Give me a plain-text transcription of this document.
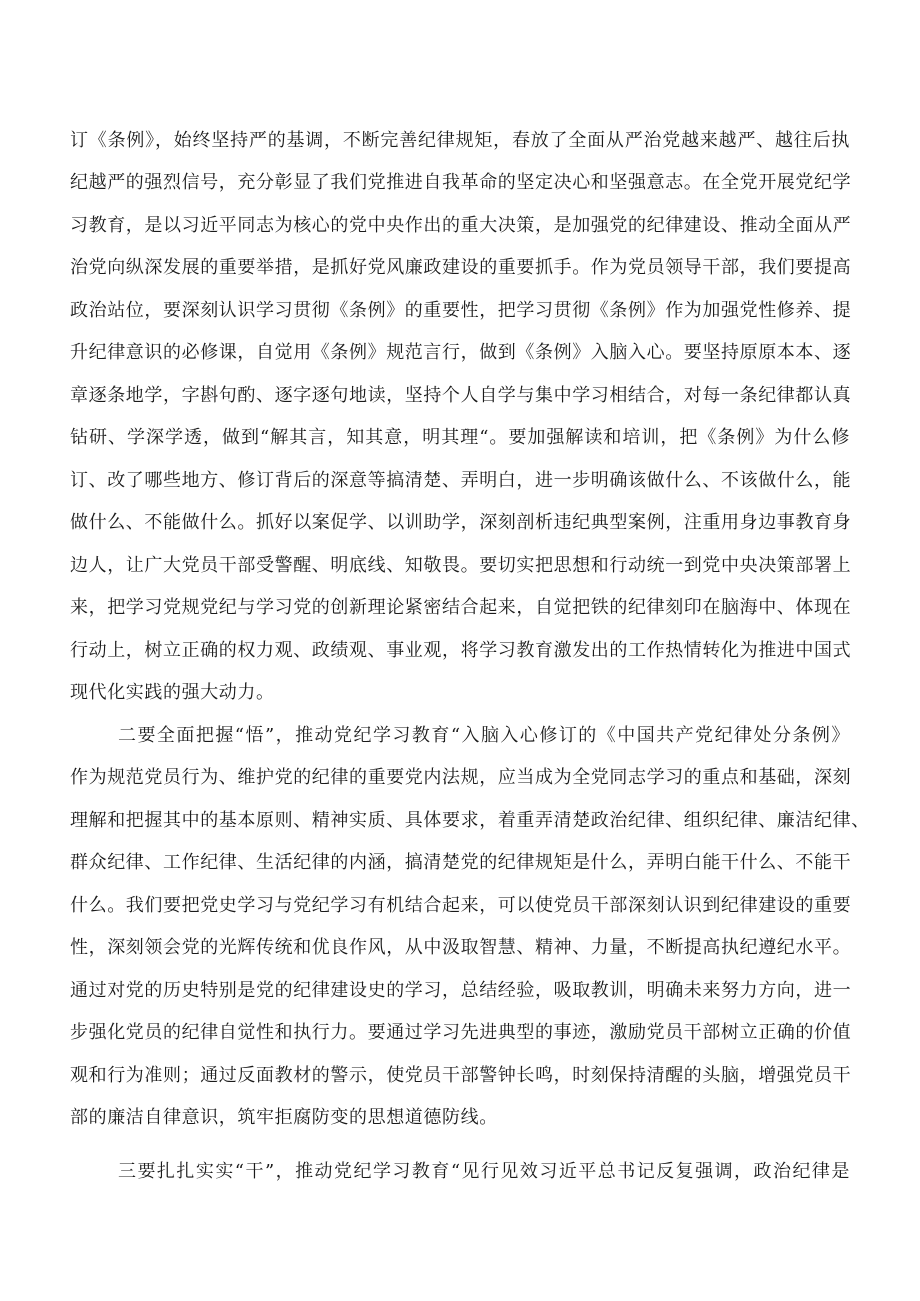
订《条例》，始终坚持严的基调，不断完善纪律规矩，春放了全面从严治党越来越严、越往后执
纪越严的强烈信号，充分彰显了我们党推进自我革命的坚定决心和坚强意志。在全党开展党纪学
习教育，是以习近平同志为核心的党中央作出的重大决策，是加强党的纪律建设、推动全面从严
治党向纵深发展的重要举措，是抓好党风廉政建设的重要抓手。作为党员领导干部，我们要提高
政治站位，要深刻认识学习贯彻《条例》的重要性，把学习贯彻《条例》作为加强党性修养、提
升纪律意识的必修课，自觉用《条例》规范言行，做到《条例》入脑入心。要坚持原原本本、逐
章逐条地学，字斟句酌、逐字逐句地读，坚持个人自学与集中学习相结合，对每一条纪律都认真
钻研、学深学透，做到“解其言，知其意，明其理“。要加强解读和培训，把《条例》为什么修
订、改了哪些地方、修订背后的深意等搞清楚、弄明白，进一步明确该做什么、不该做什么，能
做什么、不能做什么。抓好以案促学、以训助学，深刻剖析违纪典型案例，注重用身边事教育身
边人，让广大党员干部受警醒、明底线、知敬畏。要切实把思想和行动统一到党中央决策部署上
来，把学习党规党纪与学习党的创新理论紧密结合起来，自觉把铁的纪律刻印在脑海中、体现在
行动上，树立正确的权力观、政绩观、事业观，将学习教育激发出的工作热情转化为推进中国式
现代化实践的强大动力。
二要全面把握“悟”，推动党纪学习教育“入脑入心修订的《中国共产党纪律处分条例》
作为规范党员行为、维护党的纪律的重要党内法规，应当成为全党同志学习的重点和基础，深刻
理解和把握其中的基本原则、精神实质、具体要求，着重弄清楚政治纪律、组织纪律、廉洁纪律、
群众纪律、工作纪律、生活纪律的内涵，搞清楚党的纪律规矩是什么，弄明白能干什么、不能干
什么。我们要把党史学习与党纪学习有机结合起来，可以使党员干部深刻认识到纪律建设的重要
性，深刻领会党的光辉传统和优良作风，从中汲取智慧、精神、力量，不断提高执纪遵纪水平。
通过对党的历史特别是党的纪律建设史的学习，总结经验，吸取教训，明确未来努力方向，进一
步强化党员的纪律自觉性和执行力。要通过学习先进典型的事迹，激励党员干部树立正确的价值
观和行为准则；通过反面教材的警示，使党员干部警钟长鸣，时刻保持清醒的头脑，增强党员干
部的廉洁自律意识，筑牢拒腐防变的思想道德防线。
三要扎扎实实“干”，推动党纪学习教育“见行见效习近平总书记反复强调，政治纪律是
